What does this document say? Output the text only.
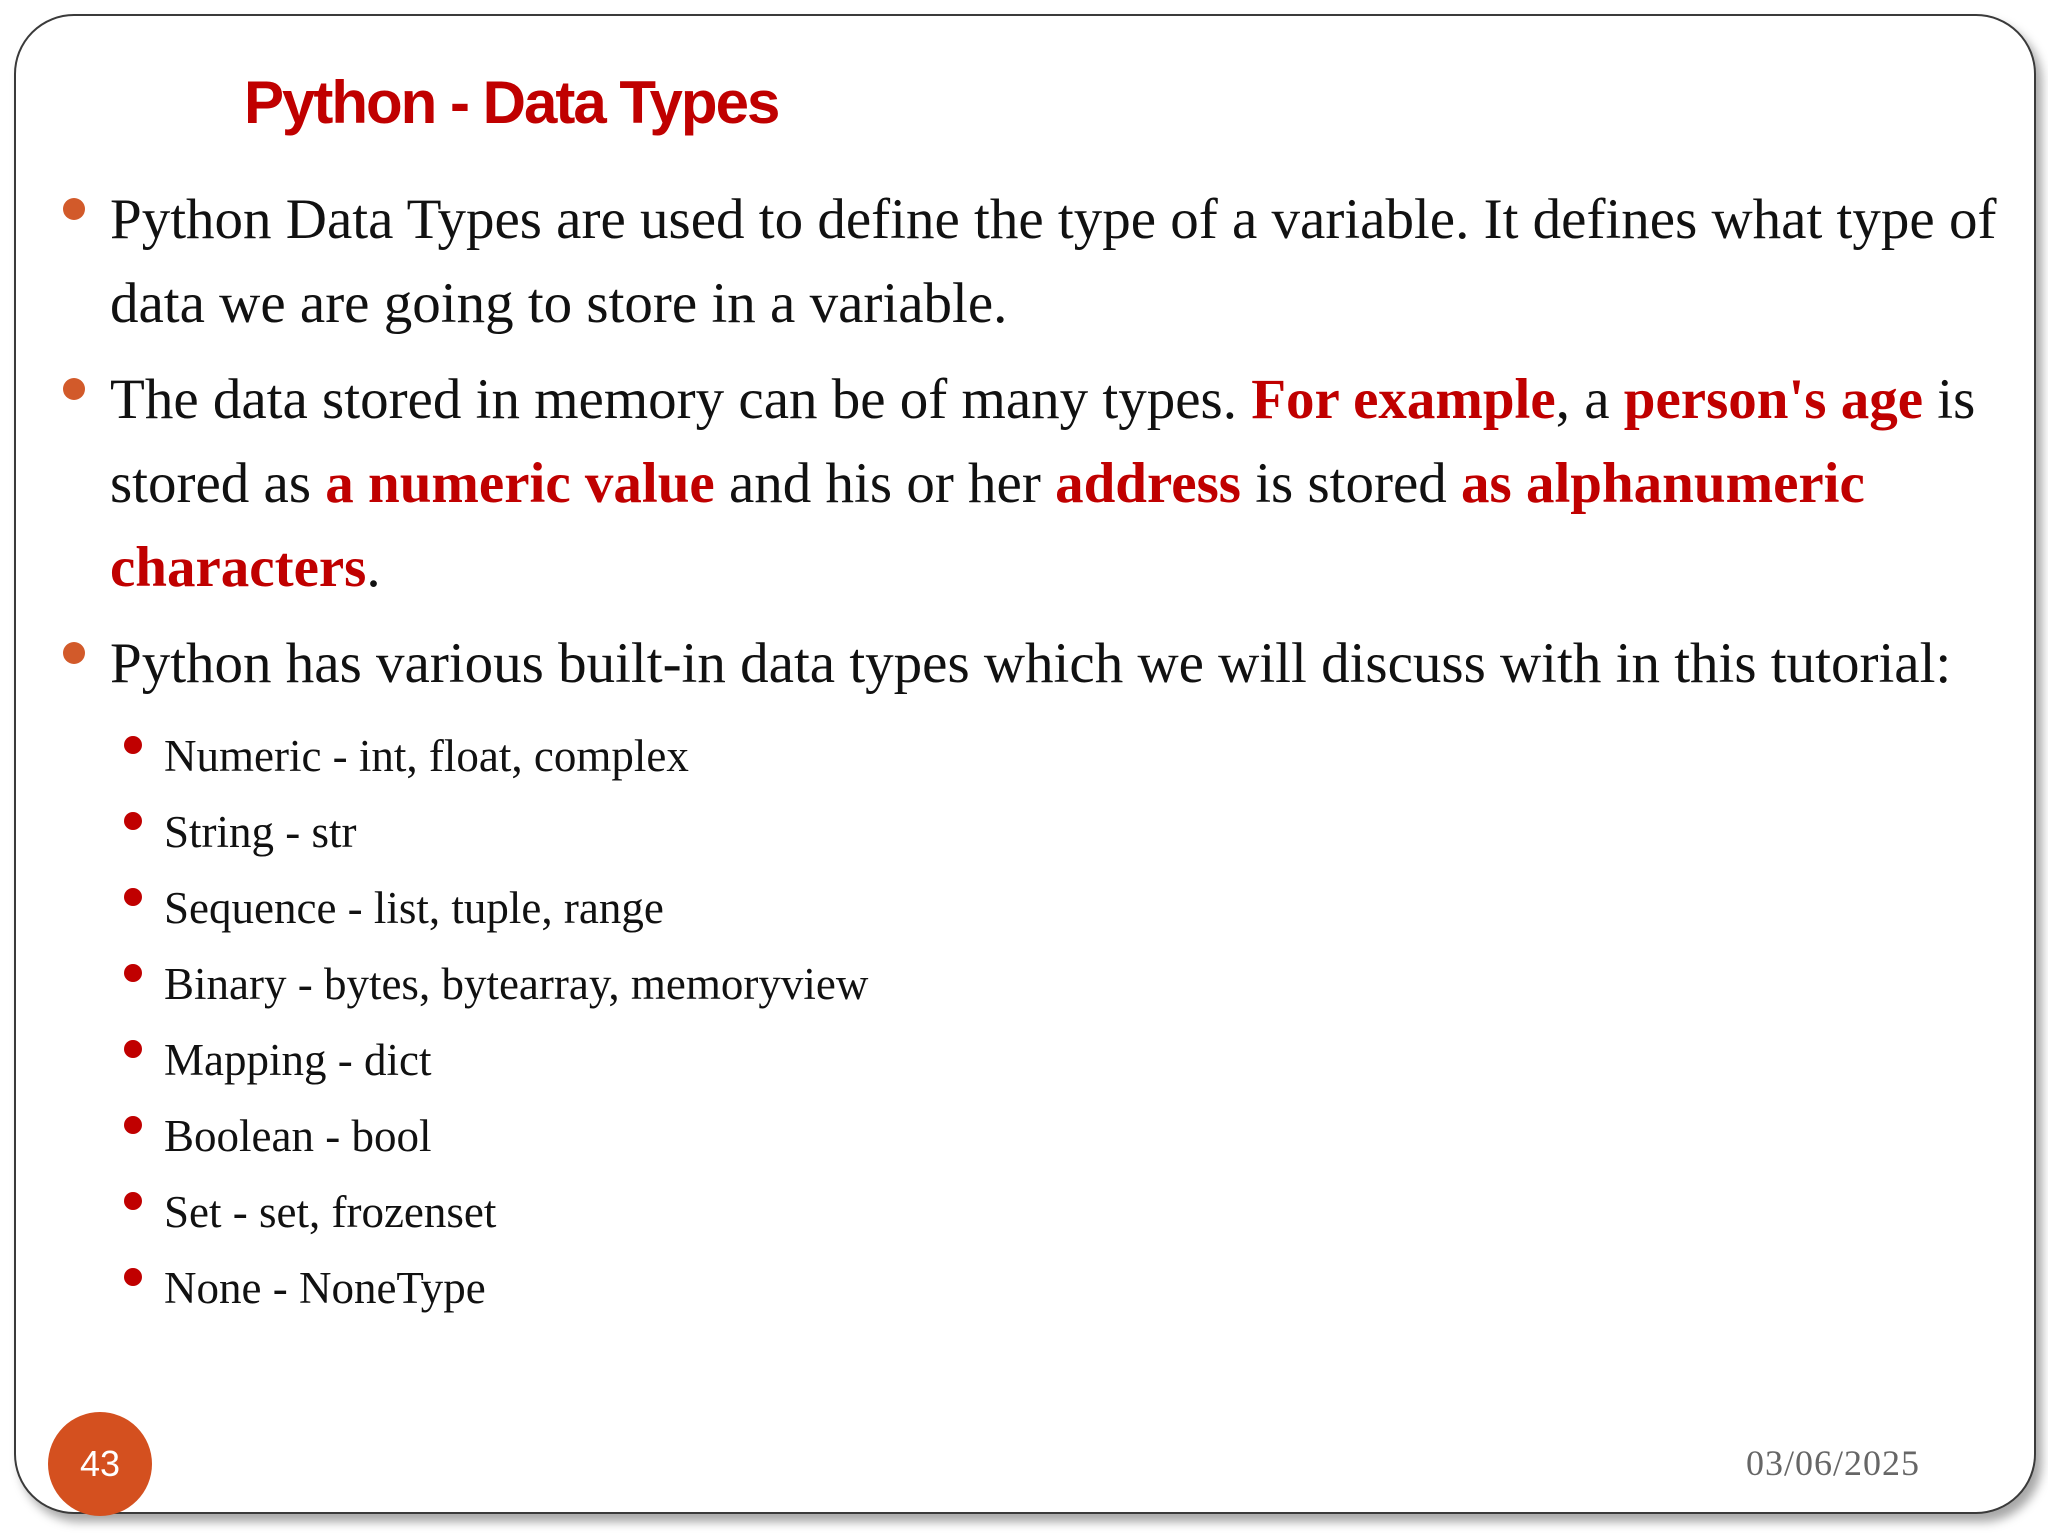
Python - Data Types
Python Data Types are used to define the type of a variable. It defines what type of data we are going to store in a variable.
The data stored in memory can be of many types. For example, a person's age is stored as a numeric value and his or her address is stored as alphanumeric characters.
Python has various built-in data types which we will discuss with in this tutorial:
Numeric - int, float, complex
String - str
Sequence - list, tuple, range
Binary - bytes, bytearray, memoryview
Mapping - dict
Boolean - bool
Set - set, frozenset
None - NoneType
43	03/06/2025
